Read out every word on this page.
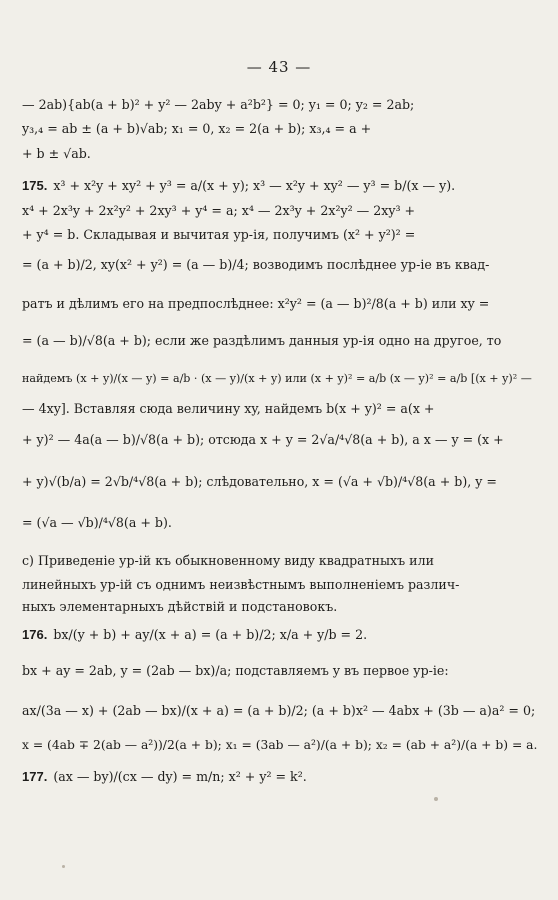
— 43 —
— 2ab){ab(a + b)² + y² — 2aby + a²b²} = 0; y₁ = 0; y₂ = 2ab;
y₃,₄ = ab ± (a + b)√ab; x₁ = 0, x₂ = 2(a + b); x₃,₄ = a +
+ b ± √ab.
175. x³ + x²y + xy² + y³ = a/(x + y); x³ — x²y + xy² — y³ = b/(x — y).
x⁴ + 2x³y + 2x²y² + 2xy³ + y⁴ = a; x⁴ — 2x³y + 2x²y² — 2xy³ +
+ y⁴ = b. Складывая и вычитая ур-iя, получимъ (x² + y²)² =
= (a + b)/2, xy(x² + y²) = (a — b)/4; возводимъ послѣднее ур-iе въ квад-
ратъ и дѣлимъ его на предпослѣднее: x²y² = (a — b)²/8(a + b) или xy =
= (a — b)/√8(a + b); если же раздѣлимъ данныя ур-iя одно на другое, то
найдемъ (x + y)/(x — y) = a/b · (x — y)/(x + y) или (x + y)² = a/b (x — y)² = a/b [(x + y)² —
— 4xy]. Вставляя сюда величину xy, найдемъ b(x + y)² = a(x +
+ y)² — 4a(a — b)/√8(a + b); отсюда x + y = 2√a/⁴√8(a + b), а x — y = (x +
+ y)√(b/a) = 2√b/⁴√8(a + b); слѣдовательно, x = (√a + √b)/⁴√8(a + b), y =
= (√a — √b)/⁴√8(a + b).
c) Приведенiе ур-iй къ обыкновенному виду квадратныхъ или
линейныхъ ур-iй съ однимъ неизвѣстнымъ выполненiемъ различ-
ныхъ элементарныхъ дѣйствiй и подстановокъ.
176. bx/(y + b) + ay/(x + a) = (a + b)/2; x/a + y/b = 2.
bx + ay = 2ab, y = (2ab — bx)/a; подставляемъ y въ первое ур-iе:
ax/(3a — x) + (2ab — bx)/(x + a) = (a + b)/2; (a + b)x² — 4abx + (3b — a)a² = 0;
x = (4ab ∓ 2(ab — a²))/2(a + b); x₁ = (3ab — a²)/(a + b); x₂ = (ab + a²)/(a + b) = a.
177. (ax — by)/(cx — dy) = m/n; x² + y² = k².
